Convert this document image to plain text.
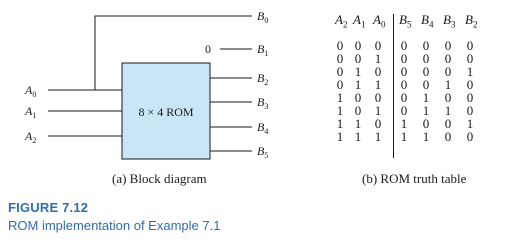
8 × 4 ROM
0
$A_0$
$A_1$
$A_2$
$B_0$
$B_1$
$B_2$
$B_3$
$B_4$
$B_5$
(a) Block diagram
$A_2$ $A_1$ $A_0$ $B_5$ $B_4$ $B_3$ $B_2$
0 0	0	0	0	0	0
0 0	1	0	0	0	0
0 1	0	0	0	0	1
0 1	1	0	0	1	0
1 0	0	0	1	0	0
1 0	1	0	1	1	0
1 1	0	1	0	0	1
1 1	1	1	1	0	0
(b) ROM truth table
FIGURE 7.12
ROM implementation of Example 7.1
